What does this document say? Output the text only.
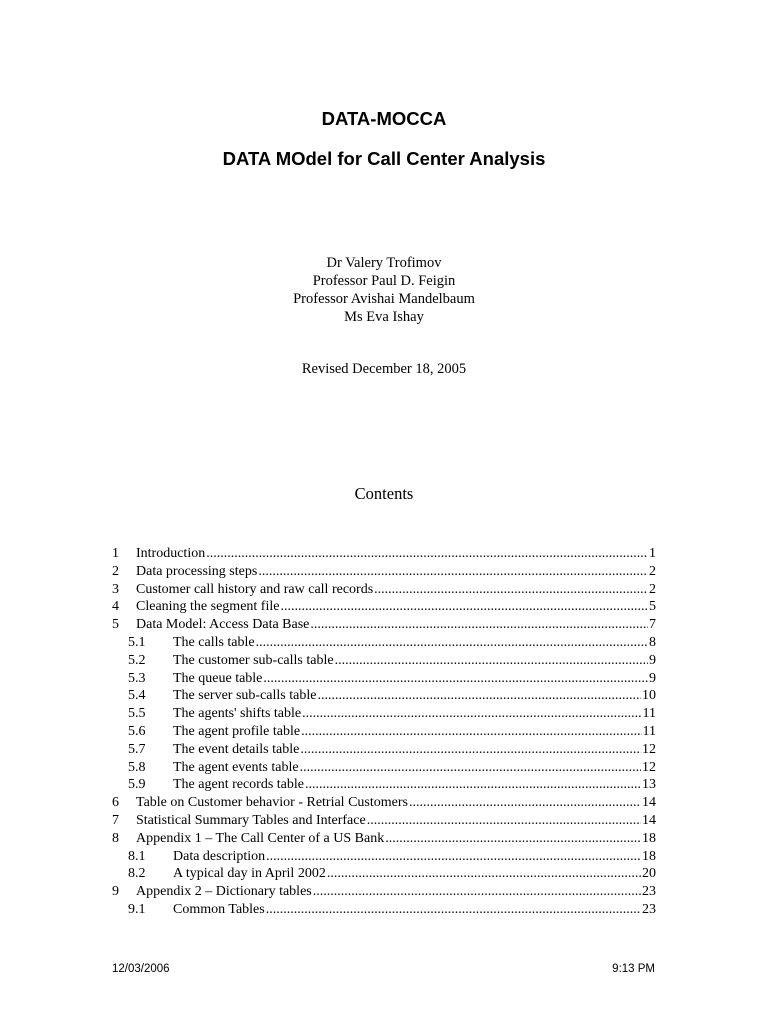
DATA-MOCCA
DATA MOdel for Call Center Analysis
Dr Valery Trofimov
Professor Paul D. Feigin
Professor Avishai Mandelbaum
Ms Eva Ishay
Revised December 18, 2005
Contents
1	Introduction .....	1
2	Data processing steps .....	2
3	Customer call history and raw call records .....	2
4	Cleaning the segment file .....	5
5	Data Model: Access Data Base .....	7
5.1	The calls table .....	8
5.2	The customer sub-calls table .....	9
5.3	The queue table .....	9
5.4	The server sub-calls table .....	10
5.5	The agents' shifts table .....	11
5.6	The agent profile table .....	11
5.7	The event details table .....	12
5.8	The agent events table .....	12
5.9	The agent records table .....	13
6	Table on Customer behavior - Retrial Customers .....	14
7	Statistical Summary Tables and Interface .....	14
8	Appendix 1 – The Call Center of a US Bank .....	18
8.1	Data description .....	18
8.2	A typical day in April 2002 .....	20
9	Appendix 2 – Dictionary tables .....	23
9.1	Common Tables .....	23
12/03/2006	9:13 PM
